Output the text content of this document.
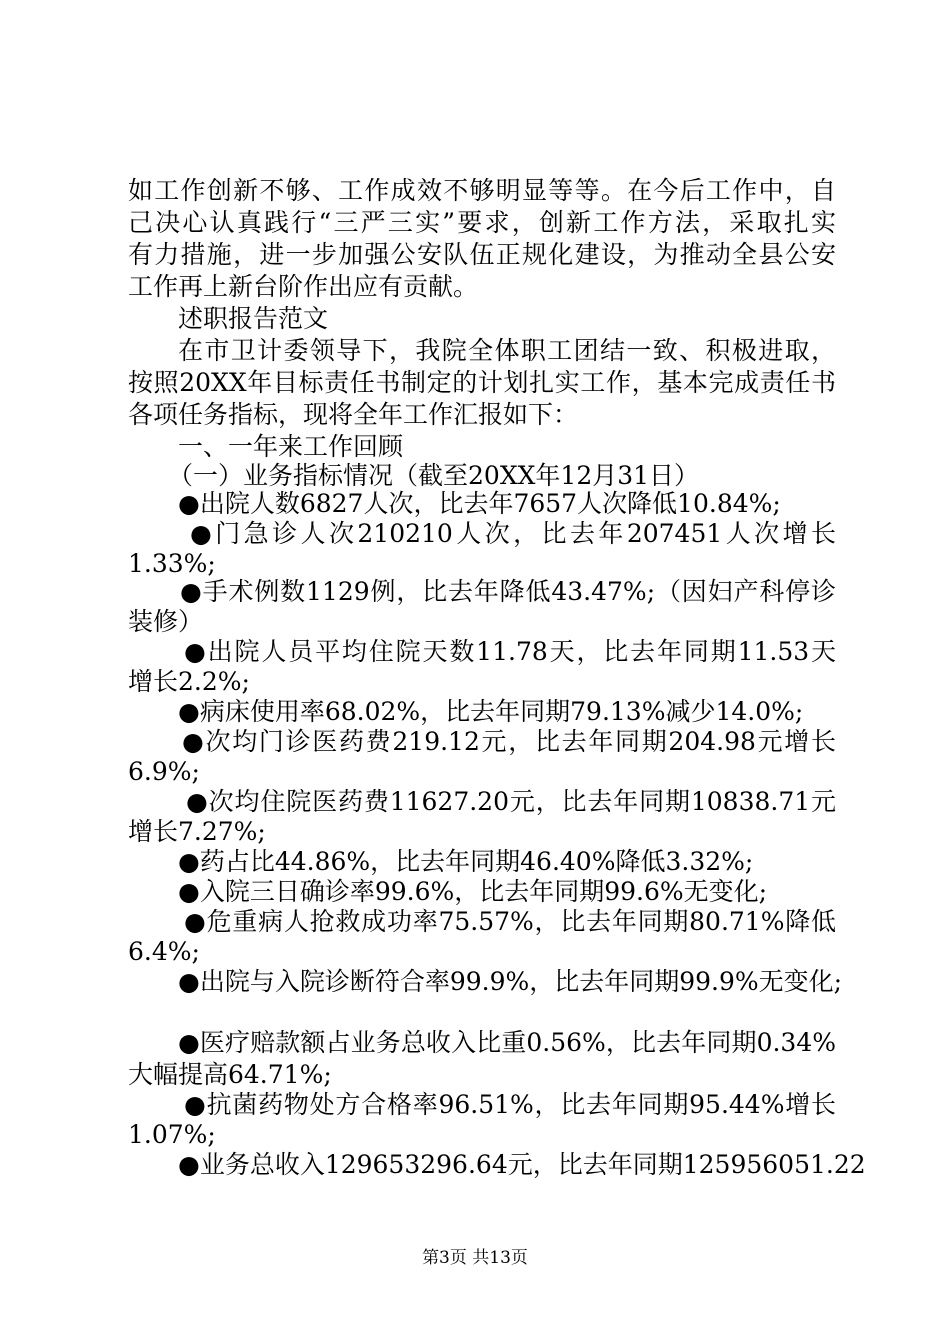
如工作创新不够、工作成效不够明显等等。在今后工作中，自
己决心认真践行“三严三实”要求，创新工作方法，采取扎实
有力措施，进一步加强公安队伍正规化建设，为推动全县公安
工作再上新台阶作出应有贡献。
述职报告范文
在市卫计委领导下，我院全体职工团结一致、积极进取，
按照20XX年目标责任书制定的计划扎实工作，基本完成责任书
各项任务指标，现将全年工作汇报如下：
一、一年来工作回顾
（一）业务指标情况（截至20XX年12月31日）
●出院人数6827人次，比去年7657人次降低10.84%;
●门急诊人次210210人次，比去年207451人次增长
1.33%;
●手术例数1129例，比去年降低43.47%;（因妇产科停诊
装修）
●出院人员平均住院天数11.78天，比去年同期11.53天
增长2.2%;
●病床使用率68.02%，比去年同期79.13%减少14.0%;
●次均门诊医药费219.12元，比去年同期204.98元增长
6.9%;
●次均住院医药费11627.20元，比去年同期10838.71元
增长7.27%;
●药占比44.86%，比去年同期46.40%降低3.32%;
●入院三日确诊率99.6%，比去年同期99.6%无变化;
●危重病人抢救成功率75.57%，比去年同期80.71%降低
6.4%;
●出院与入院诊断符合率99.9%，比去年同期99.9%无变化;
●医疗赔款额占业务总收入比重0.56%，比去年同期0.34%
大幅提高64.71%;
●抗菌药物处方合格率96.51%，比去年同期95.44%增长
1.07%;
●业务总收入129653296.64元，比去年同期125956051.22
第3页 共13页
